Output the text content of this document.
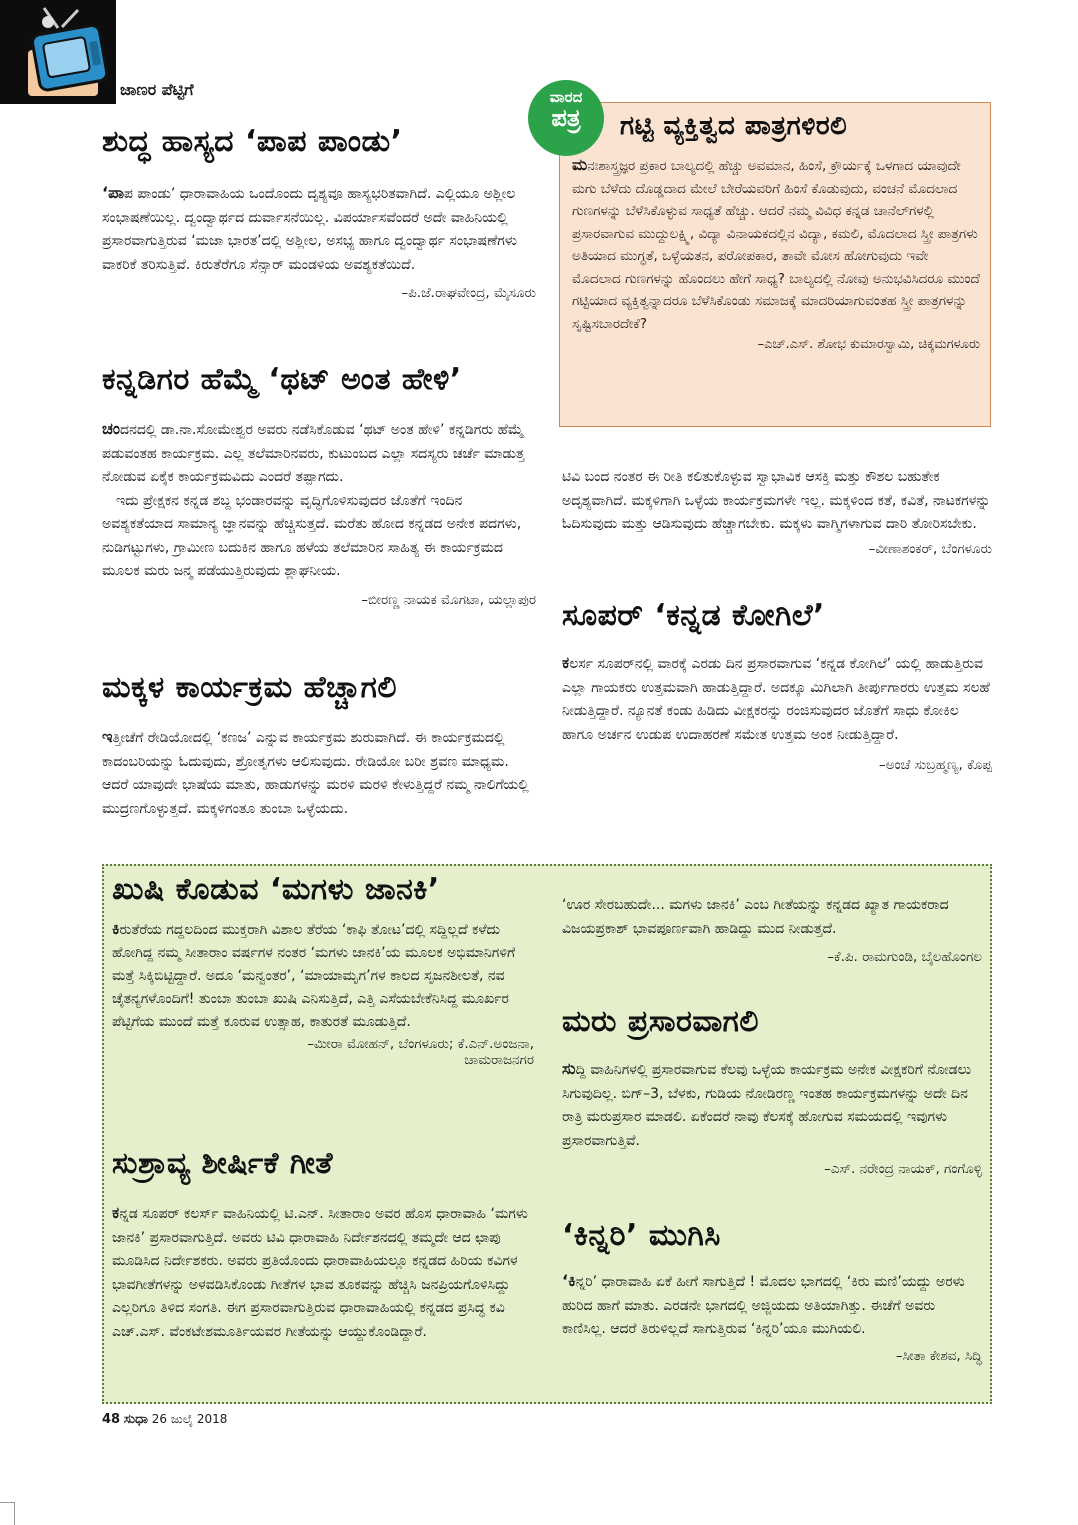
ಜಾಣರ ಪೆಟ್ಟಿಗೆ
ಶುದ್ಧ ಹಾಸ್ಯದ ‘ಪಾಪ ಪಾಂಡು’

‘ಪಾಪ ಪಾಂಡು’ ಧಾರಾವಾಹಿಯ ಒಂದೊಂದು ದೃಶ್ಯವೂ ಹಾಸ್ಯಭರಿತವಾಗಿದೆ. ಎಲ್ಲಿಯೂ ಅಶ್ಲೀಲ ಸಂಭಾಷಣೆಯಿಲ್ಲ. ದ್ವಂದ್ವಾರ್ಥದ ದುರ್ವಾಸನೆಯಿಲ್ಲ. ವಿಪರ್ಯಾಸವೆಂದರೆ ಅದೇ ವಾಹಿನಿಯಲ್ಲಿ ಪ್ರಸಾರವಾಗುತ್ತಿರುವ ‘ಮಜಾ ಭಾರತ’ದಲ್ಲಿ ಅಶ್ಲೀಲ, ಅಸಭ್ಯ ಹಾಗೂ ದ್ವಂದ್ವಾರ್ಥ ಸಂಭಾಷಣೆಗಳು ವಾಕರಿಕೆ ತರಿಸುತ್ತಿವೆ. ಕಿರುತೆರೆಗೂ ಸೆನ್ಸಾರ್ ಮಂಡಳಿಯ ಅವಶ್ಯಕತೆಯಿದೆ.

–ಪಿ.ಜೆ.ರಾಘವೇಂದ್ರ, ಮೈಸೂರು

ಕನ್ನಡಿಗರ ಹೆಮ್ಮೆ ‘ಥಟ್ ಅಂತ ಹೇಳಿ’

ಚಂದನದಲ್ಲಿ ಡಾ.ನಾ.ಸೋಮೇಶ್ವರ ಅವರು ನಡೆಸಿಕೊಡುವ ‘ಥಟ್ ಅಂತ ಹೇಳಿ’ ಕನ್ನಡಿಗರು ಹೆಮ್ಮೆ ಪಡುವಂತಹ ಕಾರ್ಯಕ್ರಮ. ಎಲ್ಲ ತಲೆಮಾರಿನವರು, ಕುಟುಂಬದ ಎಲ್ಲಾ ಸದಸ್ಯರು ಚರ್ಚೆ ಮಾಡುತ್ತ ನೋಡುವ ಏಕೈಕ ಕಾರ್ಯಕ್ರಮವಿದು ಎಂದರೆ ತಪ್ಪಾಗದು.

ಇದು ಪ್ರೇಕ್ಷಕನ ಕನ್ನಡ ಶಬ್ದ ಭಂಡಾರವನ್ನು ವೃದ್ಧಿಗೊಳಿಸುವುದರ ಜೊತೆಗೆ ಇಂದಿನ ಅವಶ್ಯಕತೆಯಾದ ಸಾಮಾನ್ಯ ಜ್ಞಾನವನ್ನು ಹೆಚ್ಚಿಸುತ್ತದೆ. ಮರೆತು ಹೋದ ಕನ್ನಡದ ಅನೇಕ ಪದಗಳು, ನುಡಿಗಟ್ಟುಗಳು, ಗ್ರಾಮೀಣ ಬದುಕಿನ ಹಾಗೂ ಹಳೆಯ ತಲೆಮಾರಿನ ಸಾಹಿತ್ಯ ಈ ಕಾರ್ಯಕ್ರಮದ ಮೂಲಕ ಮರು ಜನ್ಮ ಪಡೆಯುತ್ತಿರುವುದು ಶ್ಲಾಘನೀಯ.

–ಬೀರಣ್ಣ ನಾಯಕ ಮೊಗಟಾ, ಯಲ್ಲಾಪುರ

ಮಕ್ಕಳ ಕಾರ್ಯಕ್ರಮ ಹೆಚ್ಚಾಗಲಿ

ಇತ್ತೀಚೆಗೆ ರೇಡಿಯೋದಲ್ಲಿ ‘ಕಣಜ’ ಎನ್ನುವ ಕಾರ್ಯಕ್ರಮ ಶುರುವಾಗಿದೆ. ಈ ಕಾರ್ಯಕ್ರಮದಲ್ಲಿ ಕಾದಂಬರಿಯನ್ನು ಓದುವುದು, ಶ್ರೋತೃಗಳು ಆಲಿಸುವುದು. ರೇಡಿಯೋ ಬರೀ ಶ್ರವಣ ಮಾಧ್ಯಮ. ಆದರೆ ಯಾವುದೇ ಭಾಷೆಯ ಮಾತು, ಹಾಡುಗಳನ್ನು ಮರಳಿ ಮರಳಿ ಕೇಳುತ್ತಿದ್ದರೆ ನಮ್ಮ ನಾಲಿಗೆಯಲ್ಲಿ ಮುದ್ರಣಗೊಳ್ಳುತ್ತದೆ. ಮಕ್ಕಳಿಗಂತೂ ತುಂಬಾ ಒಳ್ಳೆಯದು.

ಗಟ್ಟಿ ವ್ಯಕ್ತಿತ್ವದ ಪಾತ್ರಗಳಿರಲಿ

ಮನಃಶಾಸ್ತ್ರಜ್ಞರ ಪ್ರಕಾರ ಬಾಲ್ಯದಲ್ಲಿ ಹೆಚ್ಚು ಅವಮಾನ, ಹಿಂಸೆ, ಕ್ರೌರ್ಯಕ್ಕೆ ಒಳಗಾದ ಯಾವುದೇ ಮಗು ಬೆಳೆದು ದೊಡ್ಡದಾದ ಮೇಲೆ ಬೇರೆಯವರಿಗೆ ಹಿಂಸೆ ಕೊಡುವುದು, ವಂಚನೆ ಮೊದಲಾದ ಗುಣಗಳನ್ನು ಬೆಳೆಸಿಕೊಳ್ಳುವ ಸಾಧ್ಯತೆ ಹೆಚ್ಚು. ಆದರೆ ನಮ್ಮ ವಿವಿಧ ಕನ್ನಡ ಚಾನೆಲ್‌ಗಳಲ್ಲಿ ಪ್ರಸಾರವಾಗುವ ಮುದ್ದುಲಕ್ಷ್ಮಿ, ವಿದ್ಯಾ ವಿನಾಯಕದಲ್ಲಿನ ವಿದ್ಯಾ, ಕಮಲಿ, ಮೊದಲಾದ ಸ್ತ್ರೀ ಪಾತ್ರಗಳು ಅತಿಯಾದ ಮುಗ್ಧತೆ, ಒಳ್ಳೆಯತನ, ಪರೋಪಕಾರ, ತಾವೇ ಮೋಸ ಹೋಗುವುದು ಇವೇ ಮೊದಲಾದ ಗುಣಗಳನ್ನು ಹೊಂದಲು ಹೇಗೆ ಸಾಧ್ಯ? ಬಾಲ್ಯದಲ್ಲಿ ನೋವು ಅನುಭವಿಸಿದರೂ ಮುಂದೆ ಗಟ್ಟಿಯಾದ ವ್ಯಕ್ತಿತ್ವನ್ನಾದರೂ ಬೆಳೆಸಿಕೊಂಡು ಸಮಾಜಕ್ಕೆ ಮಾದರಿಯಾಗುವಂತಹ ಸ್ತ್ರೀ ಪಾತ್ರಗಳನ್ನು ಸೃಷ್ಟಿಸಬಾರದೇಕೆ?

–ಎಚ್.ಎಸ್. ಶೋಭ ಕುಮಾರಸ್ವಾಮಿ, ಚಿಕ್ಕಮಗಳೂರು

ವಾರದ
ಪತ್ರ

ಟಿವಿ ಬಂದ ನಂತರ ಈ ರೀತಿ ಕಲಿತುಕೊಳ್ಳುವ ಸ್ವಾಭಾವಿಕ ಆಸಕ್ತಿ ಮತ್ತು ಕೌಶಲ ಬಹುತೇಕ ಅದೃಶ್ಯವಾಗಿದೆ. ಮಕ್ಕಳಿಗಾಗಿ ಒಳ್ಳೆಯ ಕಾರ್ಯಕ್ರಮಗಳೇ ಇಲ್ಲ. ಮಕ್ಕಳಿಂದ ಕತೆ, ಕವಿತೆ, ನಾಟಕಗಳನ್ನು ಓದಿಸುವುದು ಮತ್ತು ಆಡಿಸುವುದು ಹೆಚ್ಚಾಗಬೇಕು. ಮಕ್ಕಳು ವಾಗ್ಮಿಗಳಾಗುವ ದಾರಿ ತೋರಿಸಬೇಕು.

–ವೀಣಾಶಂಕರ್, ಬೆಂಗಳೂರು

ಸೂಪರ್ ‘ಕನ್ನಡ ಕೋಗಿಲೆ’

ಕಲರ್ಸ ಸೂಪರ್‌ನಲ್ಲಿ ವಾರಕ್ಕೆ ಎರಡು ದಿನ ಪ್ರಸಾರವಾಗುವ ‘ಕನ್ನಡ ಕೋಗಿಲೆ’ ಯಲ್ಲಿ ಹಾಡುತ್ತಿರುವ ಎಲ್ಲಾ ಗಾಯಕರು ಉತ್ತಮವಾಗಿ ಹಾಡುತ್ತಿದ್ದಾರೆ. ಅದಕ್ಕೂ ಮಿಗಿಲಾಗಿ ತೀರ್ಪುಗಾರರು ಉತ್ತಮ ಸಲಹೆ ನೀಡುತ್ತಿದ್ದಾರೆ. ನ್ಯೂನತೆ ಕಂಡು ಹಿಡಿದು ವೀಕ್ಷಕರನ್ನು ರಂಜಿಸುವುದರ ಜೊತೆಗೆ ಸಾಧು ಕೋಕಿಲ ಹಾಗೂ ಅರ್ಚನ ಉಡುಪ ಉದಾಹರಣೆ ಸಮೇತ ಉತ್ತಮ ಅಂಕ ನೀಡುತ್ತಿದ್ದಾರೆ.

–ಅಂಚೆ ಸುಬ್ರಹ್ಮಣ್ಯ, ಕೊಪ್ಪ

ಖುಷಿ ಕೊಡುವ ‘ಮಗಳು ಜಾನಕಿ’

ಕಿರುತೆರೆಯ ಗದ್ದಲದಿಂದ ಮುಕ್ತರಾಗಿ ವಿಶಾಲ ತೆರೆಯ ‘ಕಾಫಿ ತೋಟ’ದಲ್ಲಿ ಸದ್ದಿಲ್ಲದೆ ಕಳೆದು ಹೋಗಿದ್ದ ನಮ್ಮ ಸೀತಾರಾಂ ವರ್ಷಗಳ ನಂತರ ‘ಮಗಳು ಜಾನಕಿ’ಯ ಮೂಲಕ ಅಭಿಮಾನಿಗಳಿಗೆ ಮತ್ತೆ ಸಿಕ್ಕಿಬಿಟ್ಟಿದ್ದಾರೆ. ಅದೂ ‘ಮನ್ವಂತರ’, ‘ಮಾಯಾಮೃಗ’ಗಳ ಕಾಲದ ಸೃಜನಶೀಲತೆ, ನವ ಚೈತನ್ಯಗಳೊಂದಿಗೆ! ತುಂಬಾ ತುಂಬಾ ಖುಷಿ ಎನಿಸುತ್ತಿದೆ, ಎತ್ತಿ ಎಸೆಯಬೇಕೆನಿಸಿದ್ದ ಮೂರ್ಖರ ಪೆಟ್ಟಿಗೆಯ ಮುಂದೆ ಮತ್ತೆ ಕೂರುವ ಉತ್ಸಾಹ, ಕಾತುರತೆ ಮೂಡುತ್ತಿದೆ.

–ಮೀರಾ ಮೋಹನ್, ಬೆಂಗಳೂರು; ಕೆ.ಎನ್.ಅಂಜನಾ,

ಚಾಮರಾಜನಗರ

ಸುಶ್ರಾವ್ಯ ಶೀರ್ಷಿಕೆ ಗೀತೆ

ಕನ್ನಡ ಸೂಪರ್ ಕಲರ್ಸ್ ವಾಹಿನಿಯಲ್ಲಿ ಟಿ.ಎನ್. ಸೀತಾರಾಂ ಅವರ ಹೊಸ ಧಾರಾವಾಹಿ ‘ಮಗಳು ಜಾನಕಿ’ ಪ್ರಸಾರವಾಗುತ್ತಿದೆ. ಅವರು ಟಿವಿ ಧಾರಾವಾಹಿ ನಿರ್ದೇಶನದಲ್ಲಿ ತಮ್ಮದೇ ಆದ ಛಾಪು ಮೂಡಿಸಿದ ನಿರ್ದೇಶಕರು. ಅವರು ಪ್ರತಿಯೊಂದು ಧಾರಾವಾಹಿಯಲ್ಲೂ ಕನ್ನಡದ ಹಿರಿಯ ಕವಿಗಳ ಭಾವಗೀತೆಗಳನ್ನು ಅಳವಡಿಸಿಕೊಂಡು ಗೀತೆಗಳ ಭಾವ ತೂಕವನ್ನು ಹೆಚ್ಚಿಸಿ ಜನಪ್ರಿಯಗೊಳಿಸಿದ್ದು ಎಲ್ಲರಿಗೂ ತಿಳಿದ ಸಂಗತಿ. ಈಗ ಪ್ರಸಾರವಾಗುತ್ತಿರುವ ಧಾರಾವಾಹಿಯಲ್ಲಿ ಕನ್ನಡದ ಪ್ರಸಿದ್ಧ ಕವಿ ಎಚ್.ಎಸ್. ವೆಂಕಟೇಶಮೂರ್ತಿಯವರ ಗೀತೆಯನ್ನು ಆಯ್ದುಕೊಂಡಿದ್ದಾರೆ.

‘ಊರ ಸೇರಬಹುದೇ... ಮಗಳು ಜಾನಕಿ’ ಎಂಬ ಗೀತೆಯನ್ನು ಕನ್ನಡದ ಖ್ಯಾತ ಗಾಯಕರಾದ ವಿಜಯಪ್ರಕಾಶ್ ಭಾವಪೂರ್ಣವಾಗಿ ಹಾಡಿದ್ದು ಮುದ ನೀಡುತ್ತದೆ.

–ಕೆ.ಪಿ. ರಾಮಗುಂಡಿ, ಬೈಲಹೊಂಗಲ

ಮರು ಪ್ರಸಾರವಾಗಲಿ

ಸುದ್ದಿ ವಾಹಿನಿಗಳಲ್ಲಿ ಪ್ರಸಾರವಾಗುವ ಕೆಲವು ಒಳ್ಳೆಯ ಕಾರ್ಯಕ್ರಮ ಅನೇಕ ವೀಕ್ಷಕರಿಗೆ ನೋಡಲು ಸಿಗುವುದಿಲ್ಲ. ಬಿಗ್–3, ಬೆಳಕು, ಗುಡಿಯ ನೋಡಿರಣ್ಣ ಇಂತಹ ಕಾರ್ಯಕ್ರಮಗಳನ್ನು ಅದೇ ದಿನ ರಾತ್ರಿ ಮರುಪ್ರಸಾರ ಮಾಡಲಿ. ಏಕೆಂದರೆ ನಾವು ಕೆಲಸಕ್ಕೆ ಹೋಗುವ ಸಮಯದಲ್ಲಿ ಇವುಗಳು ಪ್ರಸಾರವಾಗುತ್ತಿವೆ.

–ಎಸ್. ನರೇಂದ್ರ ನಾಯಕ್, ಗಂಗೊಳ್ಳಿ

‘ಕಿನ್ನರಿ’ ಮುಗಿಸಿ

‘ಕಿನ್ನರಿ’ ಧಾರಾವಾಹಿ ಏಕೆ ಹೀಗೆ ಸಾಗುತ್ತಿದೆ ! ಮೊದಲ ಭಾಗದಲ್ಲಿ ‘ಕಿರು ಮಣಿ’ಯದ್ದು ಅರಳು ಹುರಿದ ಹಾಗೆ ಮಾತು. ಎರಡನೇ ಭಾಗದಲ್ಲಿ ಅಜ್ಜಿಯದು ಅತಿಯಾಗಿತ್ತು. ಈಚೆಗೆ ಅವರು ಕಾಣಿಸಿಲ್ಲ. ಆದರೆ ತಿರುಳಿಲ್ಲದೆ ಸಾಗುತ್ತಿರುವ ‘ಕಿನ್ನರಿ’ಯೂ ಮುಗಿಯಲಿ.

–ಸೀತಾ ಕೇಶವ, ಸಿದ್ಧಿ

48 ಸುಧಾ 26 ಜುಲೈ 2018
